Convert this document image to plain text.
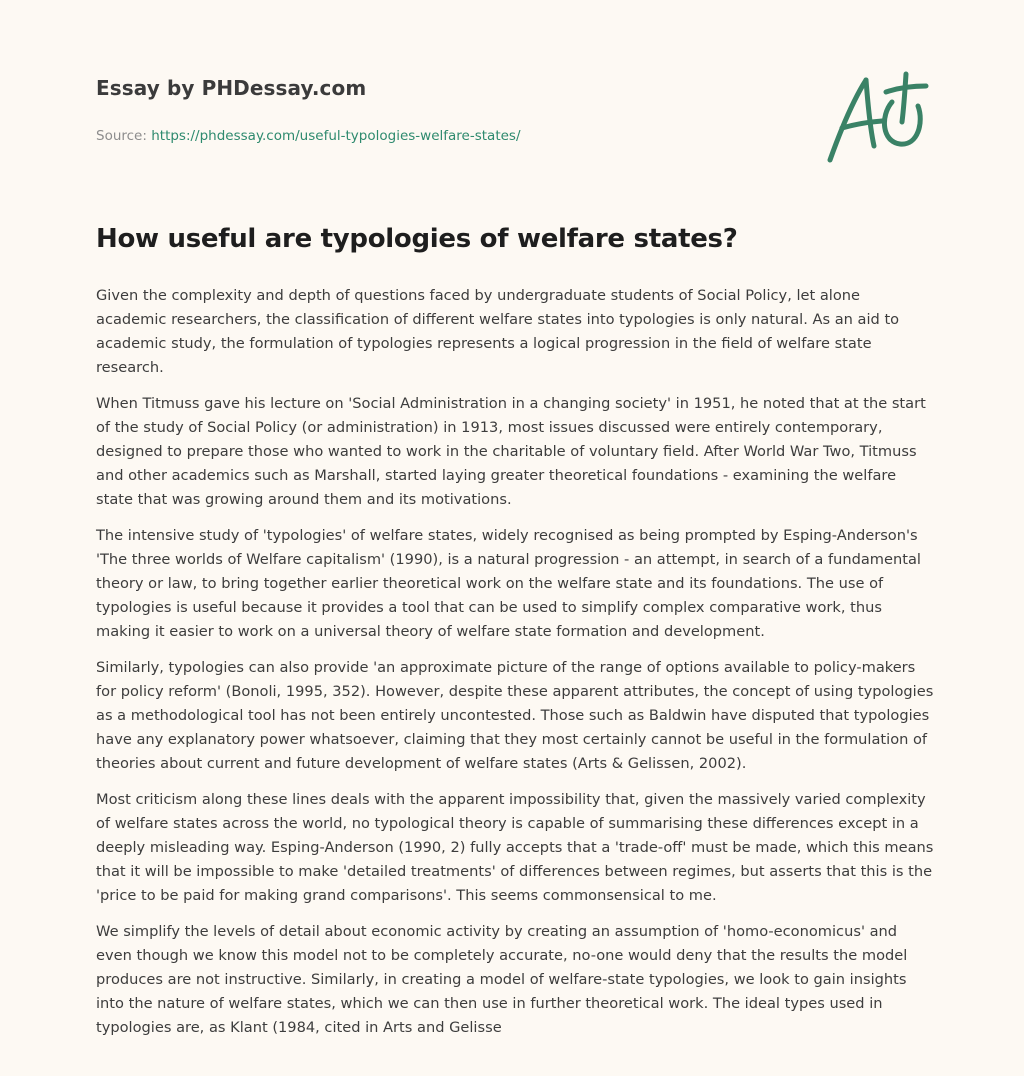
Essay by PHDessay.com
Source: https://phdessay.com/useful-typologies-welfare-states/
How useful are typologies of welfare states?

Given the complexity and depth of questions faced by undergraduate students of Social Policy, let alone academic researchers, the classification of different welfare states into typologies is only natural. As an aid to academic study, the formulation of typologies represents a logical progression in the field of welfare state research.

When Titmuss gave his lecture on 'Social Administration in a changing society' in 1951, he noted that at the start of the study of Social Policy (or administration) in 1913, most issues discussed were entirely contemporary, designed to prepare those who wanted to work in the charitable of voluntary field. After World War Two, Titmuss and other academics such as Marshall, started laying greater theoretical foundations - examining the welfare state that was growing around them and its motivations.

The intensive study of 'typologies' of welfare states, widely recognised as being prompted by Esping-Anderson's 'The three worlds of Welfare capitalism' (1990), is a natural progression - an attempt, in search of a fundamental theory or law, to bring together earlier theoretical work on the welfare state and its foundations. The use of typologies is useful because it provides a tool that can be used to simplify complex comparative work, thus making it easier to work on a universal theory of welfare state formation and development.

Similarly, typologies can also provide 'an approximate picture of the range of options available to policy-makers for policy reform' (Bonoli, 1995, 352). However, despite these apparent attributes, the concept of using typologies as a methodological tool has not been entirely uncontested. Those such as Baldwin have disputed that typologies have any explanatory power whatsoever, claiming that they most certainly cannot be useful in the formulation of theories about current and future development of welfare states (Arts & Gelissen, 2002).

Most criticism along these lines deals with the apparent impossibility that, given the massively varied complexity of welfare states across the world, no typological theory is capable of summarising these differences except in a deeply misleading way. Esping-Anderson (1990, 2) fully accepts that a 'trade-off' must be made, which this means that it will be impossible to make 'detailed treatments' of differences between regimes, but asserts that this is the 'price to be paid for making grand comparisons'. This seems commonsensical to me.

We simplify the levels of detail about economic activity by creating an assumption of 'homo-economicus' and even though we know this model not to be completely accurate, no-one would deny that the results the model produces are not instructive. Similarly, in creating a model of welfare-state typologies, we look to gain insights into the nature of welfare states, which we can then use in further theoretical work. The ideal types used in typologies are, as Klant (1984, cited in Arts and Gelisse
